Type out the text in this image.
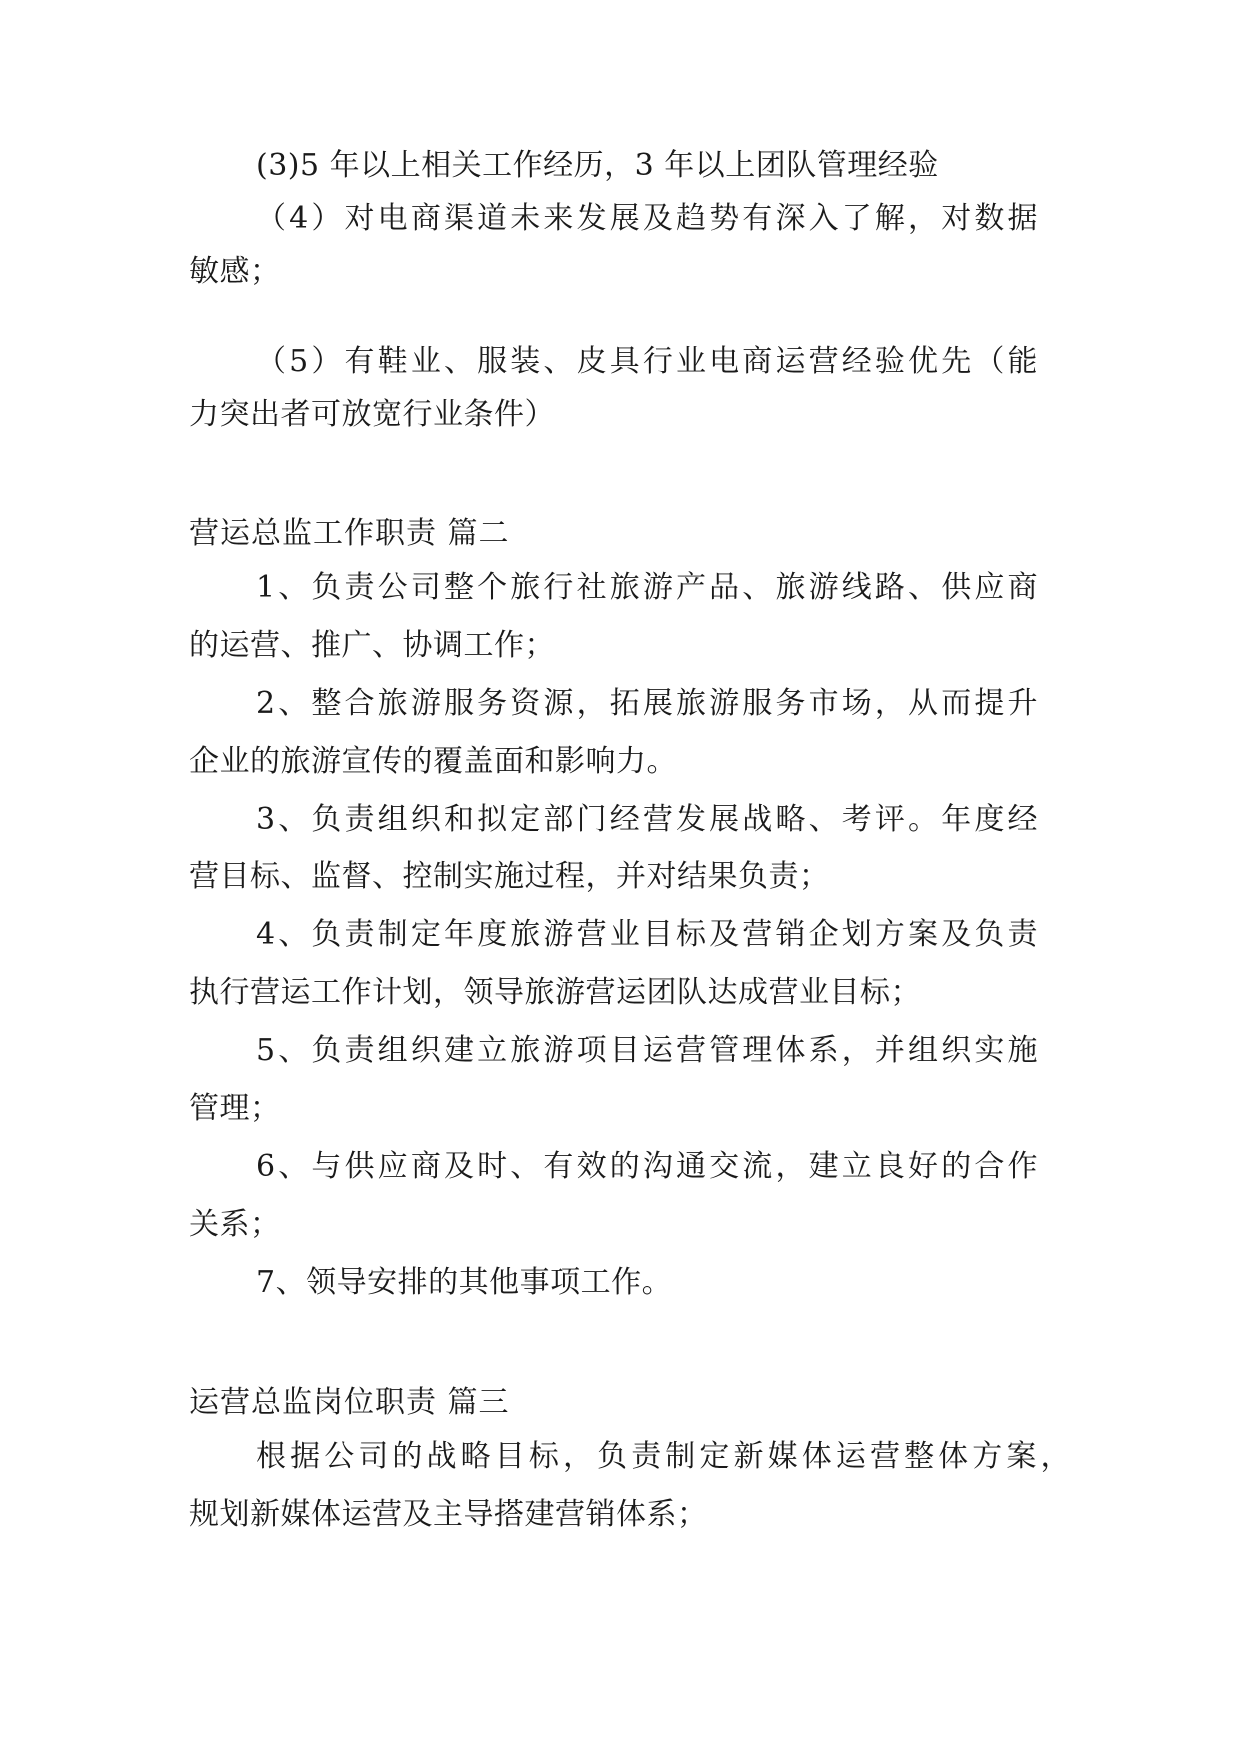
(3)5 年以上相关工作经历，3 年以上团队管理经验
（4）对电商渠道未来发展及趋势有深入了解，对数据
敏感；
（5）有鞋业、服装、皮具行业电商运营经验优先（能
力突出者可放宽行业条件）
营运总监工作职责 篇二
1、负责公司整个旅行社旅游产品、旅游线路、供应商
的运营、推广、协调工作；
2、整合旅游服务资源，拓展旅游服务市场，从而提升
企业的旅游宣传的覆盖面和影响力。
3、负责组织和拟定部门经营发展战略、考评。年度经
营目标、监督、控制实施过程，并对结果负责；
4、负责制定年度旅游营业目标及营销企划方案及负责
执行营运工作计划，领导旅游营运团队达成营业目标；
5、负责组织建立旅游项目运营管理体系，并组织实施
管理；
6、与供应商及时、有效的沟通交流，建立良好的合作
关系；
7、领导安排的其他事项工作。
运营总监岗位职责 篇三
根据公司的战略目标，负责制定新媒体运营整体方案，
规划新媒体运营及主导搭建营销体系；
